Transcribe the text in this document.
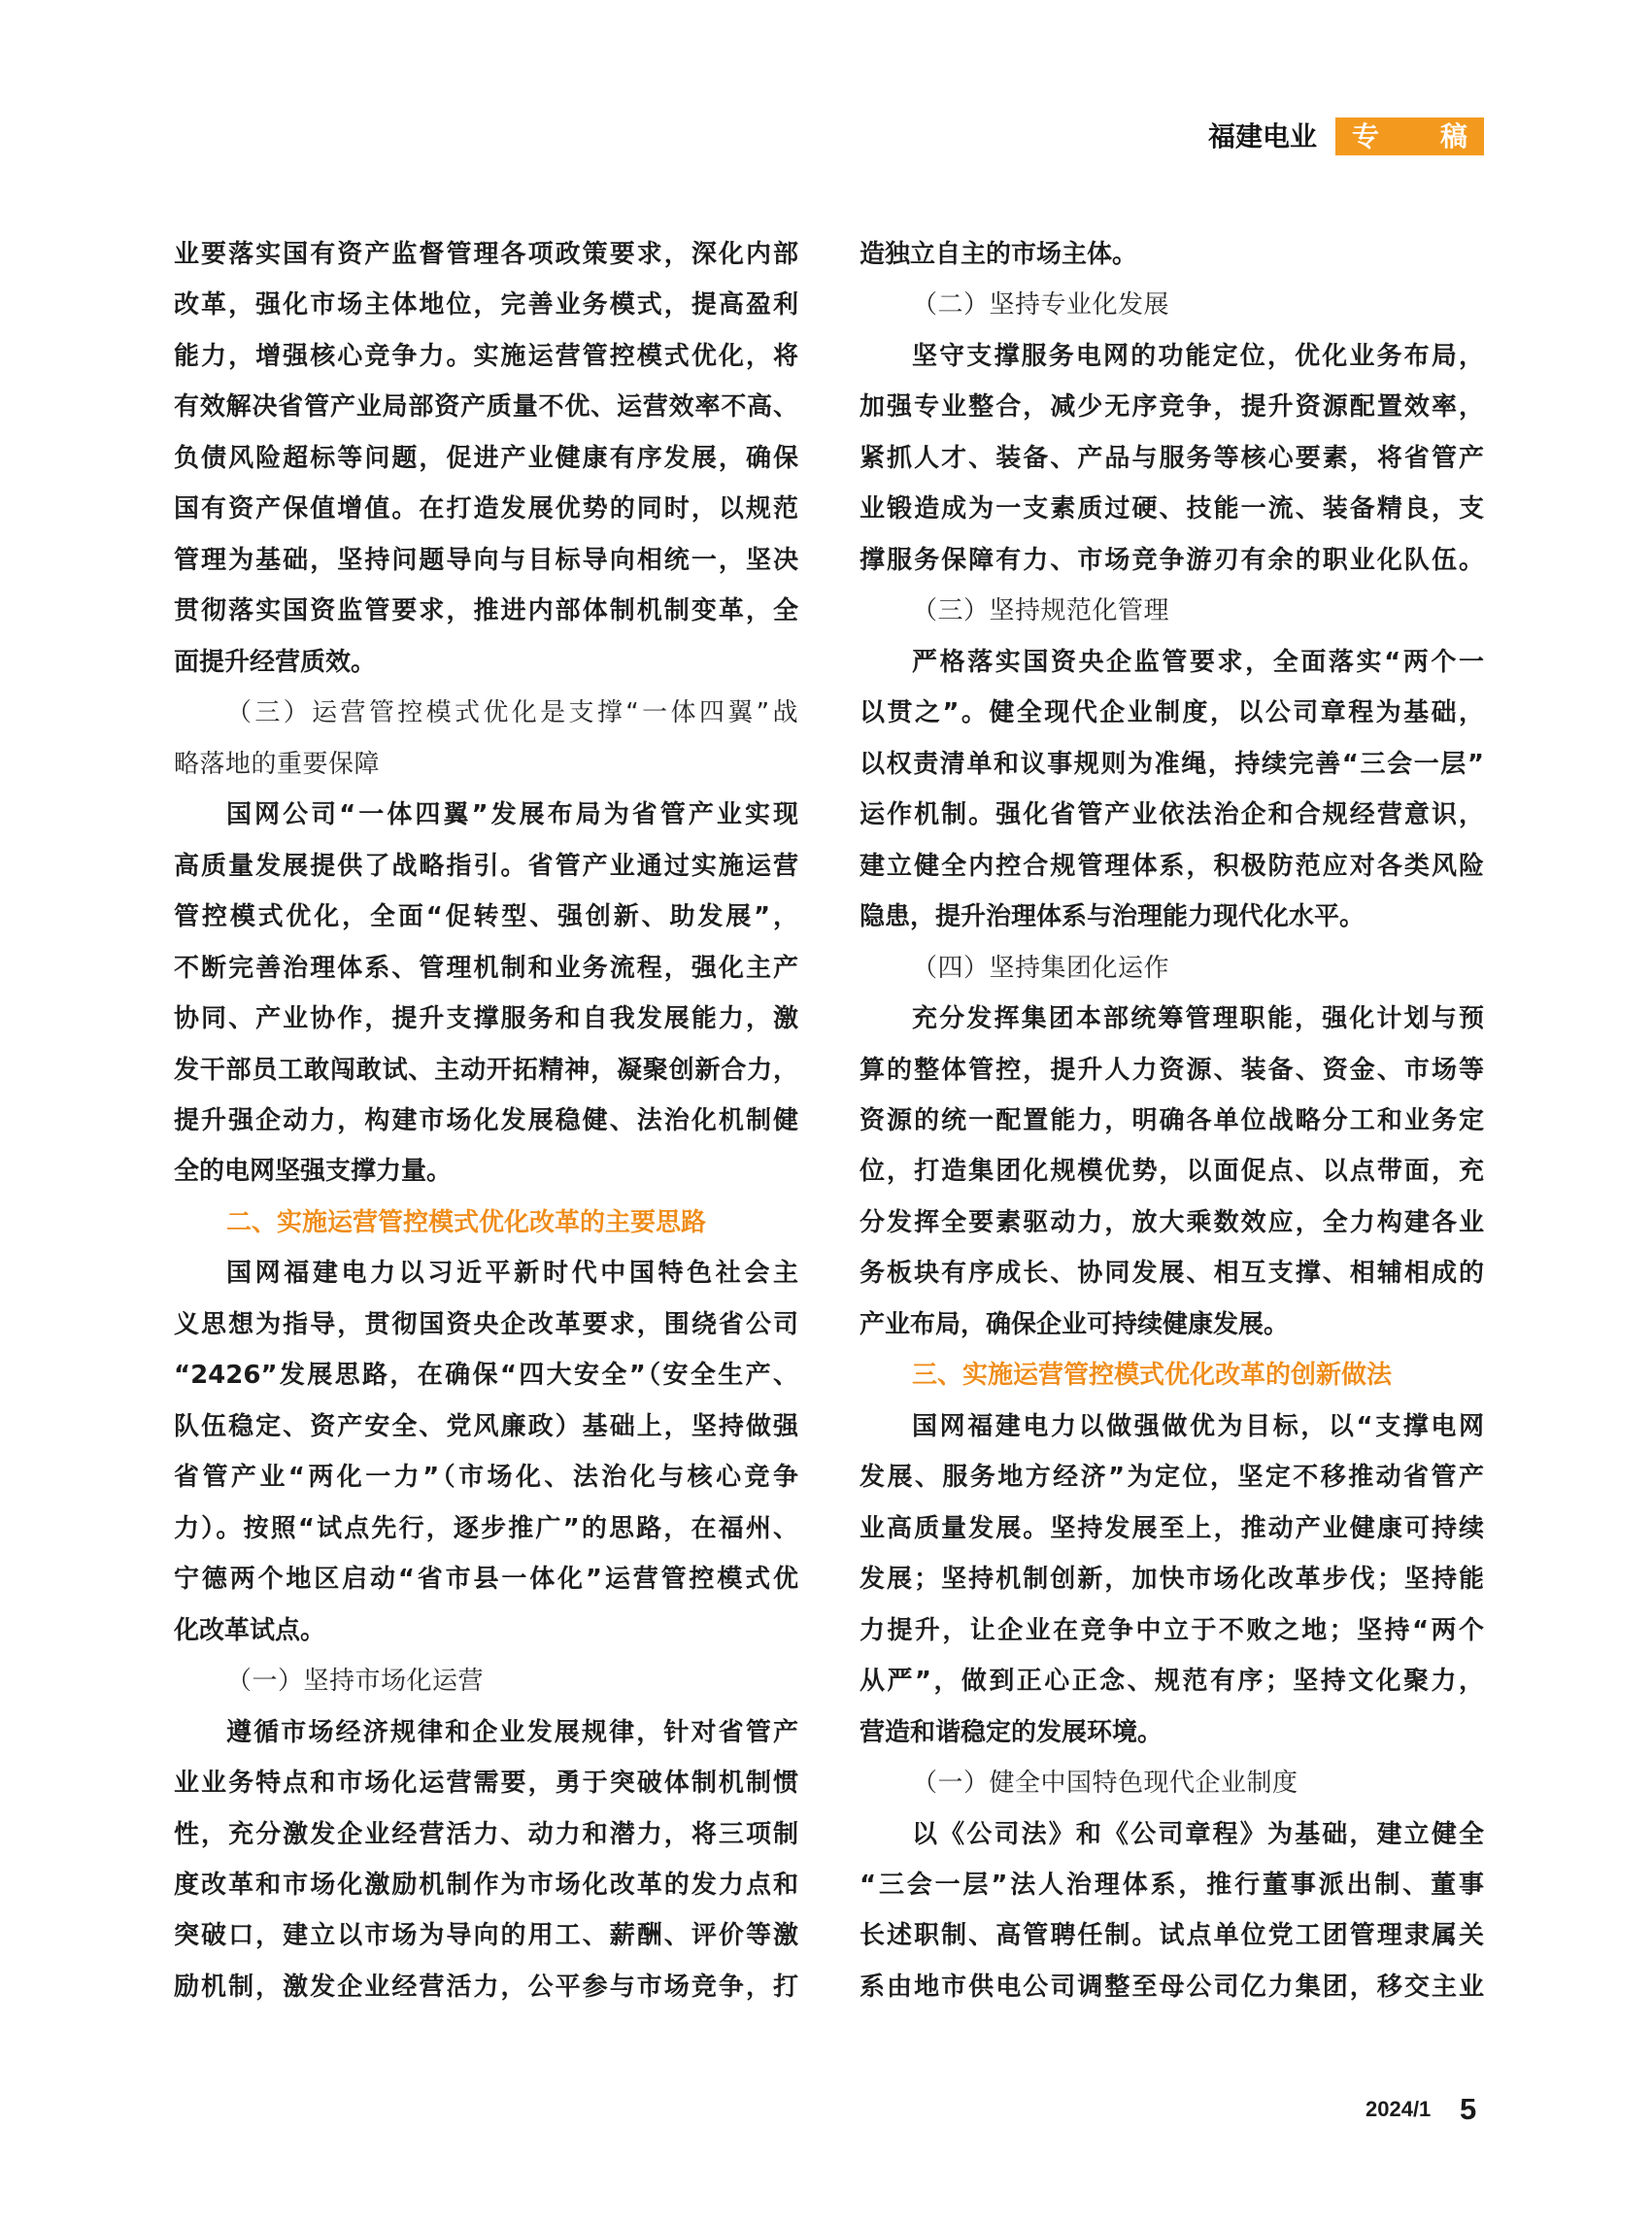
福建电业	专 稿
业要落实国有资产监督管理各项政策要求，深化内部
改革，强化市场主体地位，完善业务模式，提高盈利
能力，增强核心竞争力。实施运营管控模式优化，将
有效解决省管产业局部资产质量不优、运营效率不高、
负债风险超标等问题，促进产业健康有序发展，确保
国有资产保值增值。在打造发展优势的同时，以规范
管理为基础，坚持问题导向与目标导向相统一，坚决
贯彻落实国资监管要求，推进内部体制机制变革，全
面提升经营质效。
（三）运营管控模式优化是支撑“一体四翼”战
略落地的重要保障
国网公司“一体四翼”发展布局为省管产业实现
高质量发展提供了战略指引。省管产业通过实施运营
管控模式优化，全面“促转型、强创新、助发展”，
不断完善治理体系、管理机制和业务流程，强化主产
协同、产业协作，提升支撑服务和自我发展能力，激
发干部员工敢闯敢试、主动开拓精神，凝聚创新合力，
提升强企动力，构建市场化发展稳健、法治化机制健
全的电网坚强支撑力量。
二、实施运营管控模式优化改革的主要思路
国网福建电力以习近平新时代中国特色社会主
义思想为指导，贯彻国资央企改革要求，围绕省公司
“2426”发展思路，在确保“四大安全”（安全生产、
队伍稳定、资产安全、党风廉政）基础上，坚持做强
省管产业“两化一力”（市场化、法治化与核心竞争
力）。按照“试点先行，逐步推广”的思路，在福州、
宁德两个地区启动“省市县一体化”运营管控模式优
化改革试点。
（一）坚持市场化运营
遵循市场经济规律和企业发展规律，针对省管产
业业务特点和市场化运营需要，勇于突破体制机制惯
性，充分激发企业经营活力、动力和潜力，将三项制
度改革和市场化激励机制作为市场化改革的发力点和
突破口，建立以市场为导向的用工、薪酬、评价等激
励机制，激发企业经营活力，公平参与市场竞争，打
造独立自主的市场主体。
（二）坚持专业化发展
坚守支撑服务电网的功能定位，优化业务布局，
加强专业整合，减少无序竞争，提升资源配置效率，
紧抓人才、装备、产品与服务等核心要素，将省管产
业锻造成为一支素质过硬、技能一流、装备精良，支
撑服务保障有力、市场竞争游刃有余的职业化队伍。
（三）坚持规范化管理
严格落实国资央企监管要求，全面落实“两个一
以贯之”。健全现代企业制度，以公司章程为基础，
以权责清单和议事规则为准绳，持续完善“三会一层”
运作机制。强化省管产业依法治企和合规经营意识，
建立健全内控合规管理体系，积极防范应对各类风险
隐患，提升治理体系与治理能力现代化水平。
（四）坚持集团化运作
充分发挥集团本部统筹管理职能，强化计划与预
算的整体管控，提升人力资源、装备、资金、市场等
资源的统一配置能力，明确各单位战略分工和业务定
位，打造集团化规模优势，以面促点、以点带面，充
分发挥全要素驱动力，放大乘数效应，全力构建各业
务板块有序成长、协同发展、相互支撑、相辅相成的
产业布局，确保企业可持续健康发展。
三、实施运营管控模式优化改革的创新做法
国网福建电力以做强做优为目标，以“支撑电网
发展、服务地方经济”为定位，坚定不移推动省管产
业高质量发展。坚持发展至上，推动产业健康可持续
发展；坚持机制创新，加快市场化改革步伐；坚持能
力提升，让企业在竞争中立于不败之地；坚持“两个
从严”，做到正心正念、规范有序；坚持文化聚力，
营造和谐稳定的发展环境。
（一）健全中国特色现代企业制度
以《公司法》和《公司章程》为基础，建立健全
“三会一层”法人治理体系，推行董事派出制、董事
长述职制、高管聘任制。试点单位党工团管理隶属关
系由地市供电公司调整至母公司亿力集团，移交主业
2024/1 5
